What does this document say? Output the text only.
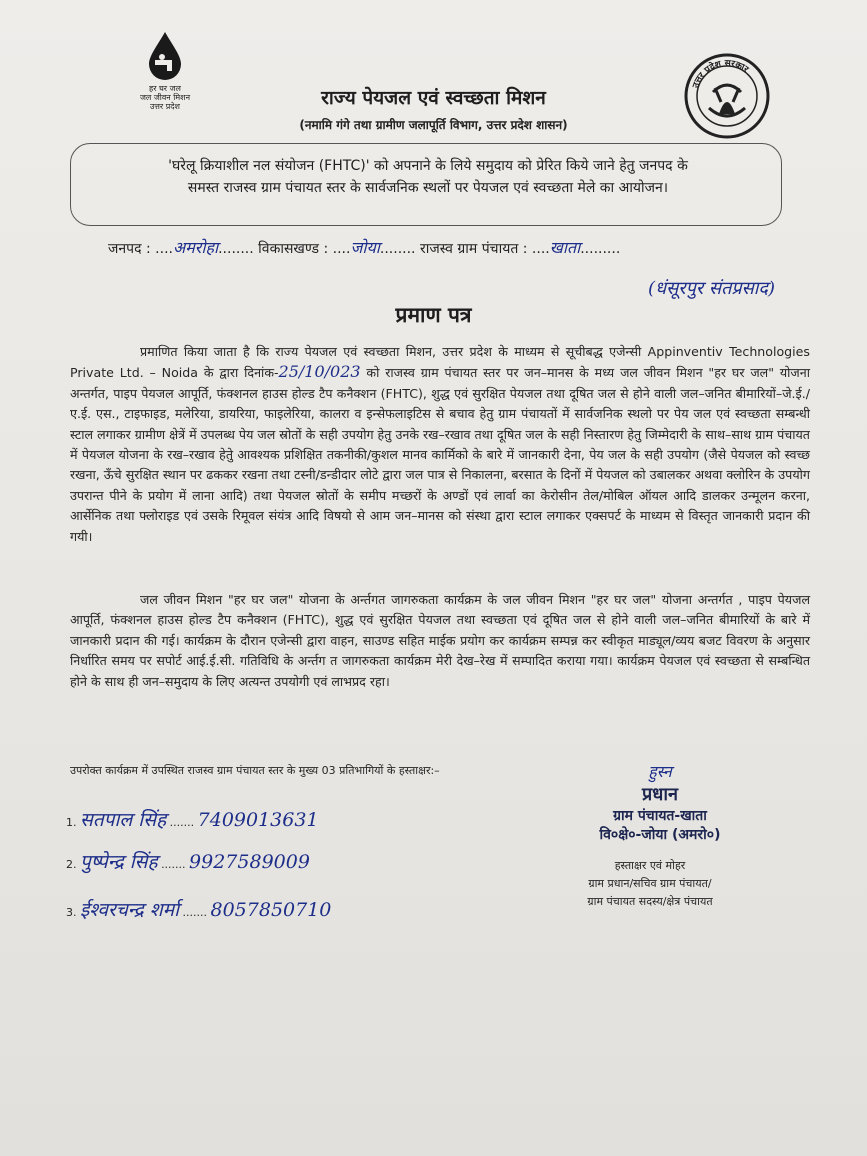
हर घर जल
जल जीवन मिशन
उत्तर प्रदेश	राज्य पेयजल एवं स्वच्छता मिशन
(नमामि गंगे तथा ग्रामीण जलापूर्ति विभाग, उत्तर प्रदेश शासन)
उत्तर प्रदेश सरकार
'घरेलू क्रियाशील नल संयोजन (FHTC)' को अपनाने के लिये समुदाय को प्रेरित किये जाने हेतु जनपद के
समस्त राजस्व ग्राम पंचायत स्तर के सार्वजनिक स्थलों पर पेयजल एवं स्वच्छता मेले का आयोजन।
जनपद : ....अमरोहा........ विकासखण्ड : ....जोया........ राजस्व ग्राम पंचायत : ....खाता.........
(धंसूरपुर संतप्रसाद)
प्रमाण पत्र
प्रमाणित किया जाता है कि राज्य पेयजल एवं स्वच्छता मिशन, उत्तर प्रदेश के माध्यम से सूचीबद्ध एजेन्सी Appinventiv Technologies Private Ltd. – Noida के द्वारा दिनांक-25/10/023 को राजस्व ग्राम पंचायत स्तर पर जन–मानस के मध्य जल जीवन मिशन "हर घर जल" योजना अन्तर्गत, पाइप पेयजल आपूर्ति, फंक्शनल हाउस होल्ड टैप कनैक्शन (FHTC), शुद्ध एवं सुरक्षित पेयजल तथा दूषित जल से होने वाली जल–जनित बीमारियों–जे.ई./ए.ई. एस., टाइफाइड, मलेरिया, डायरिया, फाइलेरिया, कालरा व इन्सेफलाइटिस से बचाव हेतु ग्राम पंचायतों में सार्वजनिक स्थलो पर पेय जल एवं स्वच्छता सम्बन्धी स्टाल लगाकर ग्रामीण क्षेत्रें में उपलब्ध पेय जल स्रोतों के सही उपयोग हेतु उनके रख–रखाव तथा दूषित जल के सही निस्तारण हेतु जिम्मेदारी के साथ–साथ ग्राम पंचायत में पेयजल योजना के रख–रखाव हेतुे आवश्यक प्रशिक्षित तकनीकी/कुशल मानव कार्मिको के बारे में जानकारी देना, पेय जल के सही उपयोग (जैसे पेयजल को स्वच्छ रखना, ऊँचे सुरक्षित स्थान पर ढककर रखना तथा टस्नी/डन्डीदार लोटे द्वारा जल पात्र से निकालना, बरसात के दिनों में पेयजल को उबालकर अथवा क्लोरिन के उपयोग उपरान्त पीने के प्रयोग में लाना आदि) तथा पेयजल स्रोतों के समीप मच्छरों के अण्डों एवं लार्वा का केरोसीन तेल/मोबिल ऑयल आदि डालकर उन्मूलन करना, आर्सेनिक तथा फ्लोराइड एवं उसके रिमूवल संयंत्र आदि विषयो से आम जन–मानस को संस्था द्वारा स्टाल लगाकर एक्सपर्ट के माध्यम से विस्तृत जानकारी प्रदान की गयी।
जल जीवन मिशन "हर घर जल" योजना के अर्न्तगत जागरुकता कार्यक्रम के जल जीवन मिशन "हर घर जल" योजना अन्तर्गत , पाइप पेयजल आपूर्ति, फंक्शनल हाउस होल्ड टैप कनैक्शन (FHTC), शुद्ध एवं सुरक्षित पेयजल तथा स्वच्छता एवं दूषित जल से होने वाली जल–जनित बीमारियों के बारे में जानकारी प्रदान की गई। कार्यक्रम के दौरान एजेन्सी द्वारा वाहन, साउण्ड सहित माईक प्रयोग कर कार्यक्रम सम्पन्न कर स्वीकृत माड्यूल/व्यय बजट विवरण के अनुसार निर्धारित समय पर सपोर्ट आई.ई.सी. गतिविधि के अर्न्तग त जागरुकता कार्यक्रम मेरी देख–रेख में सम्पादित कराया गया। कार्यक्रम पेयजल एवं स्वच्छता से सम्बन्धित होने के साथ ही जन–समुदाय के लिए अत्यन्त उपयोगी एवं लाभप्रद रहा।
उपरोक्त कार्यक्रम में उपस्थित राजस्व ग्राम पंचायत स्तर के मुख्य 03 प्रतिभागियों के हस्ताक्षर:–
1. सतपाल सिंह ....... 7409013631
2. पुष्पेन्द्र सिंह ....... 9927589009
3. ईश्वरचन्द्र शर्मा ....... 8057850710
हुस्न
प्रधान
ग्राम पंचायत-खाता
वि०क्षे०-जोया (अमरो०)
हस्ताक्षर एवं मोहर
ग्राम प्रधान/सचिव ग्राम पंचायत/
ग्राम पंचायत सदस्य/क्षेत्र पंचायत
